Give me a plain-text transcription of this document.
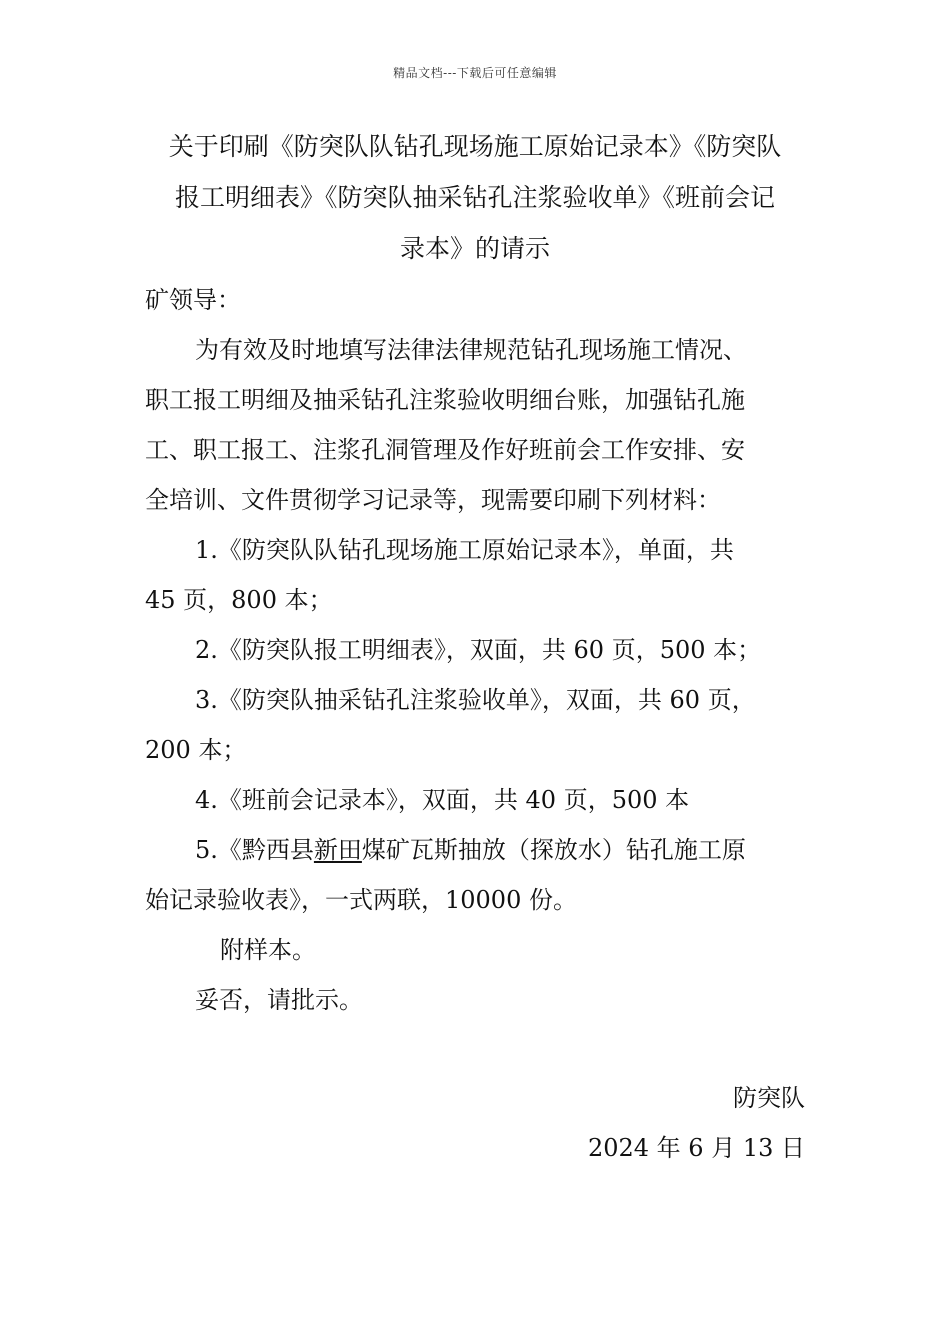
精品文档---下载后可任意编辑
关于印刷《防突队队钻孔现场施工原始记录本》《防突队
报工明细表》《防突队抽采钻孔注浆验收单》《班前会记
录本》的请示
矿领导：
为有效及时地填写法律法律规范钻孔现场施工情况、
职工报工明细及抽采钻孔注浆验收明细台账，加强钻孔施
工、职工报工、注浆孔洞管理及作好班前会工作安排、安
全培训、文件贯彻学习记录等，现需要印刷下列材料：
1.《防突队队钻孔现场施工原始记录本》，单面，共
45 页，800 本；
2.《防突队报工明细表》，双面，共 60 页，500 本；
3.《防突队抽采钻孔注浆验收单》，双面，共 60 页，
200 本；
4.《班前会记录本》，双面，共 40 页，500 本
5.《黔西县新田煤矿瓦斯抽放（探放水）钻孔施工原
始记录验收表》，一式两联，10000 份。
附样本。
妥否，请批示。
防突队
2024 年 6 月 13 日
